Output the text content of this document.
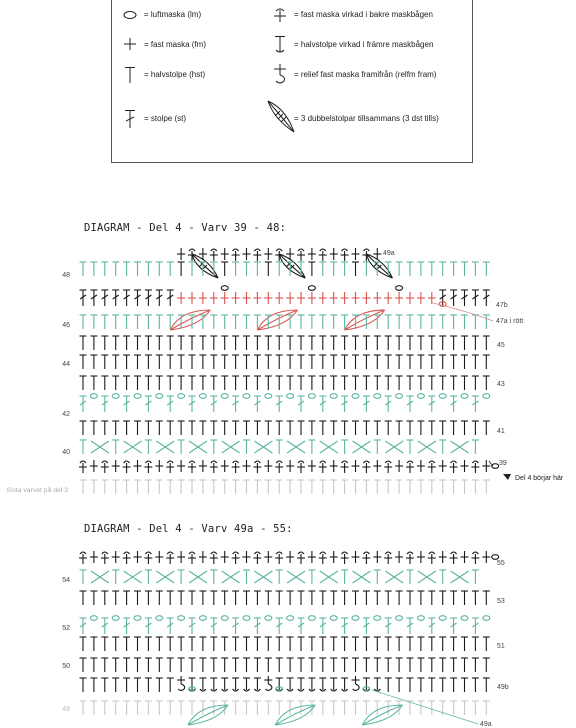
= luftmaska (lm)
= fast maska (fm)
= halvstolpe (hst)
= stolpe (st)
= fast maska virkad i bakre maskbågen
= halvstolpe virkad i främre maskbågen
= relief fast maska framifrån (relfm fram)
= 3 dubbelstolpar tillsammans (3 dst tills)
DIAGRAM - Del 4 - Varv 39 - 48:
DIAGRAM - Del 4 - Varv 49a - 55:
48
46
44
42
40
49a
47b
47a i rött
45
43
41
39
Del 4 börjar här
Sista varvet på del 3
54
52
50
48
55
53
51
49b
49a
